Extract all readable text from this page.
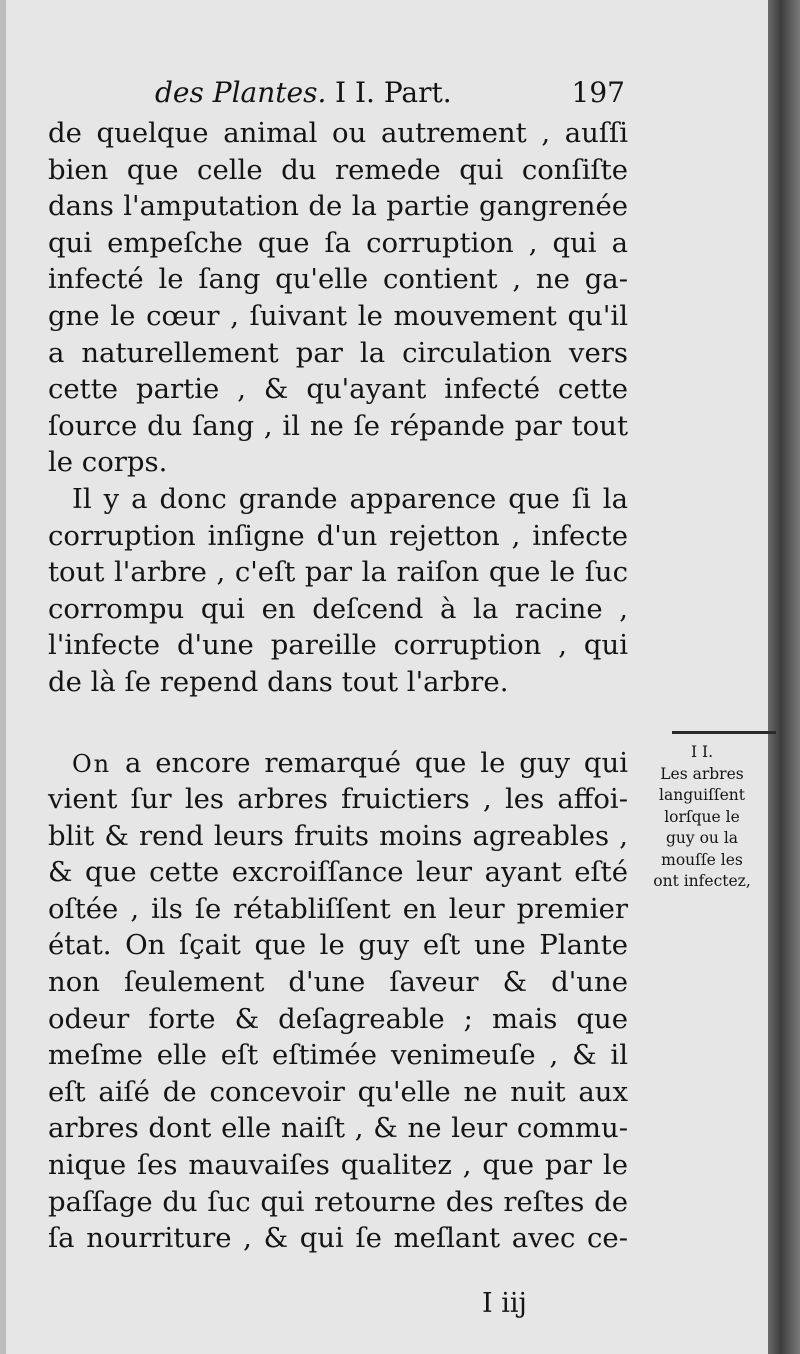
des Plantes. I I. Part.	197
de quelque animal ou autrement , auſſi
bien que celle du remede qui conſiſte
dans l'amputation de la partie gangrenée
qui empeſche que ſa corruption , qui a
infecté le ſang qu'elle contient , ne ga-
gne le cœur , ſuivant le mouvement qu'il
a naturellement par la circulation vers
cette partie , & qu'ayant infecté cette
ſource du ſang , il ne ſe répande par tout
le corps.
Il y a donc grande apparence que ſi la
corruption inſigne d'un rejetton , infecte
tout l'arbre , c'eſt par la raiſon que le ſuc
corrompu qui en deſcend à la racine ,
l'infecte d'une pareille corruption , qui
de là ſe repend dans tout l'arbre.
On a encore remarqué que le guy qui
vient ſur les arbres fruictiers , les affoi-
blit & rend leurs fruits moins agreables ,
& que cette excroiſſance leur ayant eſté
oſtée , ils ſe rétabliſſent en leur premier
état. On ſçait que le guy eſt une Plante
non ſeulement d'une ſaveur & d'une
odeur forte & deſagreable ; mais que
meſme elle eſt eſtimée venimeuſe , & il
eſt aiſé de concevoir qu'elle ne nuit aux
arbres dont elle naiſt , & ne leur commu-
nique ſes mauvaiſes qualitez , que par le
paſſage du ſuc qui retourne des reſtes de
ſa nourriture , & qui ſe meſlant avec ce-
I I.
Les arbres
languiſſent
lorſque le
guy ou la
mouſſe les
ont infectez,
I iij
